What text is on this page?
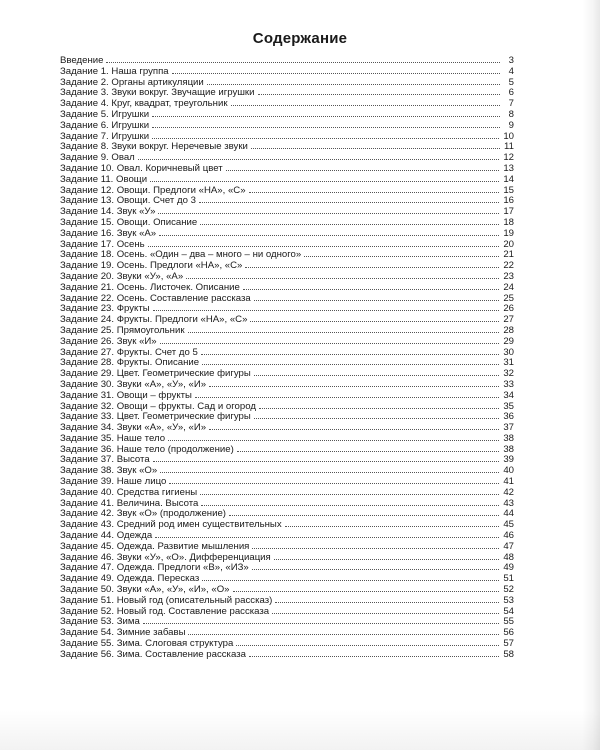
Содержание
Введение	3
Задание 1. Наша группа	4
Задание 2. Органы артикуляции	5
Задание 3. Звуки вокруг. Звучащие игрушки	6
Задание 4. Круг, квадрат, треугольник	7
Задание 5. Игрушки	8
Задание 6. Игрушки	9
Задание 7. Игрушки	10
Задание 8. Звуки вокруг. Неречевые звуки	11
Задание 9. Овал	12
Задание 10. Овал. Коричневый цвет	13
Задание 11. Овощи	14
Задание 12. Овощи. Предлоги «НА», «С»	15
Задание 13. Овощи. Счет до 3	16
Задание 14. Звук «У»	17
Задание 15. Овощи. Описание	18
Задание 16. Звук «А»	19
Задание 17. Осень	20
Задание 18. Осень. «Один – два – много – ни одного»	21
Задание 19. Осень. Предлоги «НА», «С»	22
Задание 20. Звуки «У», «А»	23
Задание 21. Осень. Листочек. Описание	24
Задание 22. Осень. Составление рассказа	25
Задание 23. Фрукты	26
Задание 24. Фрукты. Предлоги «НА», «С»	27
Задание 25. Прямоугольник	28
Задание 26. Звук «И»	29
Задание 27. Фрукты. Счет до 5	30
Задание 28. Фрукты. Описание	31
Задание 29. Цвет. Геометрические фигуры	32
Задание 30. Звуки «А», «У», «И»	33
Задание 31. Овощи – фрукты	34
Задание 32. Овощи – фрукты. Сад и огород	35
Задание 33. Цвет. Геометрические фигуры	36
Задание 34. Звуки «А», «У», «И»	37
Задание 35. Наше тело	38
Задание 36. Наше тело (продолжение)	38
Задание 37. Высота	39
Задание 38. Звук «О»	40
Задание 39. Наше лицо	41
Задание 40. Средства гигиены	42
Задание 41. Величина. Высота	43
Задание 42. Звук «О» (продолжение)	44
Задание 43. Средний род имен существительных	45
Задание 44. Одежда	46
Задание 45. Одежда. Развитие мышления	47
Задание 46. Звуки «У», «О». Дифференциация	48
Задание 47. Одежда. Предлоги «В», «ИЗ»	49
Задание 49. Одежда. Пересказ	51
Задание 50. Звуки «А», «У», «И», «О»	52
Задание 51. Новый год (описательный рассказ)	53
Задание 52. Новый год. Составление рассказа	54
Задание 53. Зима	55
Задание 54. Зимние забавы	56
Задание 55. Зима. Слоговая структура	57
Задание 56. Зима. Составление рассказа	58
